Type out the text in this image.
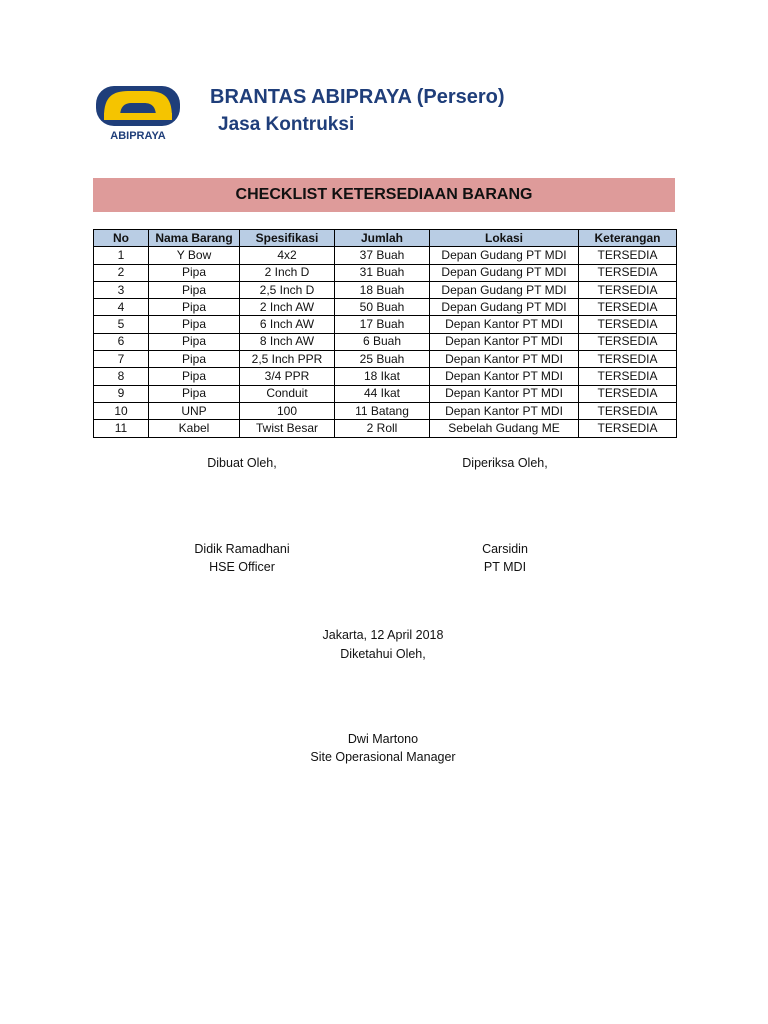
ABIPRAYA
BRANTAS ABIPRAYA (Persero)
Jasa Kontruksi
CHECKLIST KETERSEDIAAN BARANG
No	Nama Barang	Spesifikasi	Jumlah	Lokasi	Keterangan
1	Y Bow	4x2	37 Buah	Depan Gudang PT MDI	TERSEDIA
2	Pipa	2 Inch D	31 Buah	Depan Gudang PT MDI	TERSEDIA
3	Pipa	2,5 Inch D	18 Buah	Depan Gudang PT MDI	TERSEDIA
4	Pipa	2 Inch AW	50 Buah	Depan Gudang PT MDI	TERSEDIA
5	Pipa	6 Inch AW	17 Buah	Depan Kantor PT MDI	TERSEDIA
6	Pipa	8 Inch AW	6 Buah	Depan Kantor PT MDI	TERSEDIA
7	Pipa	2,5 Inch PPR	25 Buah	Depan Kantor PT MDI	TERSEDIA
8	Pipa	3/4 PPR	18 Ikat	Depan Kantor PT MDI	TERSEDIA
9	Pipa	Conduit	44 Ikat	Depan Kantor PT MDI	TERSEDIA
10	UNP	100	11 Batang	Depan Kantor PT MDI	TERSEDIA
11	Kabel	Twist Besar	2 Roll	Sebelah Gudang ME	TERSEDIA
Dibuat Oleh,	Diperiksa Oleh,
Didik Ramadhani
HSE Officer
Carsidin
PT MDI
Jakarta, 12 April 2018
Diketahui Oleh,
Dwi Martono
Site Operasional Manager
